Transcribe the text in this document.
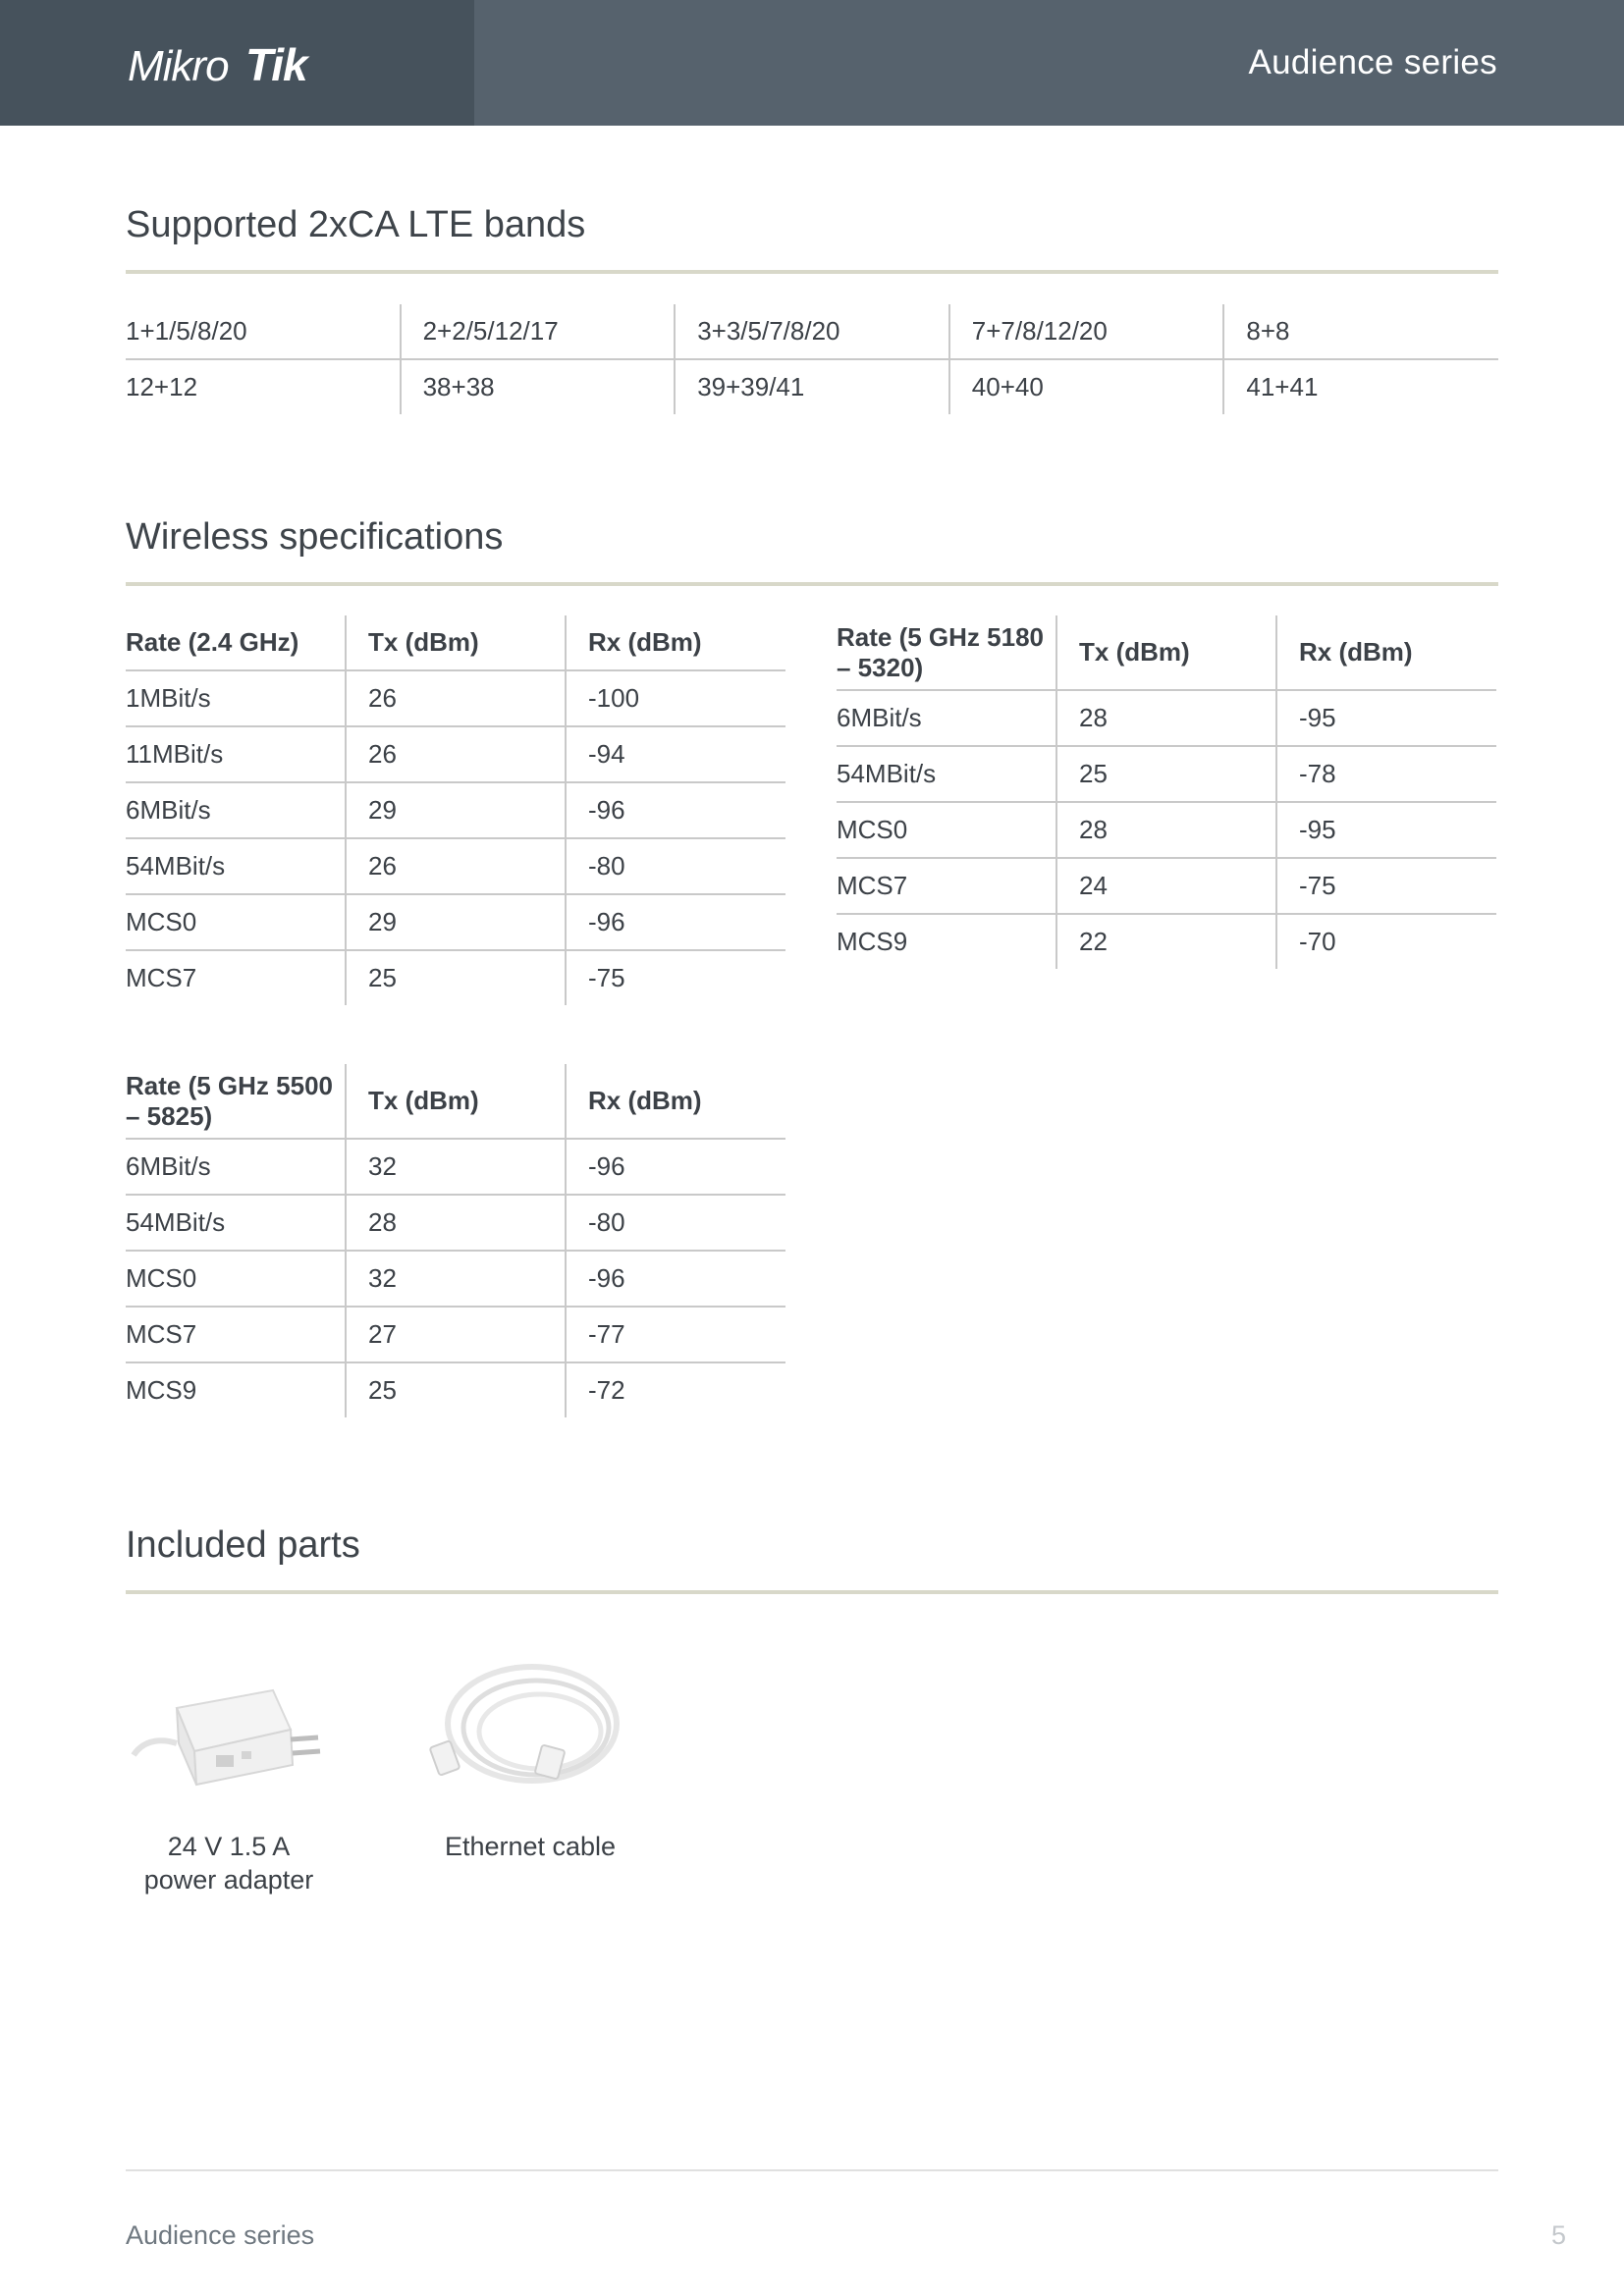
Mikro Tik	Audience series
Supported 2xCA LTE bands
1+1/5/8/20	2+2/5/12/17	3+3/5/7/8/20	7+7/8/12/20	8+8
12+12	38+38	39+39/41	40+40	41+41
Wireless specifications
Rate (2.4 GHz)	Tx (dBm)	Rx (dBm)
1MBit/s	26	-100
11MBit/s	26	-94
6MBit/s	29	-96
54MBit/s	26	-80
MCS0	29	-96
MCS7	25	-75
Rate (5 GHz 5180 – 5320)	Tx (dBm)	Rx (dBm)
6MBit/s	28	-95
54MBit/s	25	-78
MCS0	28	-95
MCS7	24	-75
MCS9	22	-70
Rate (5 GHz 5500 – 5825)	Tx (dBm)	Rx (dBm)
6MBit/s	32	-96
54MBit/s	28	-80
MCS0	32	-96
MCS7	27	-77
MCS9	25	-72
Included parts
24 V 1.5 A
power adapter
Ethernet cable
Audience series	5
